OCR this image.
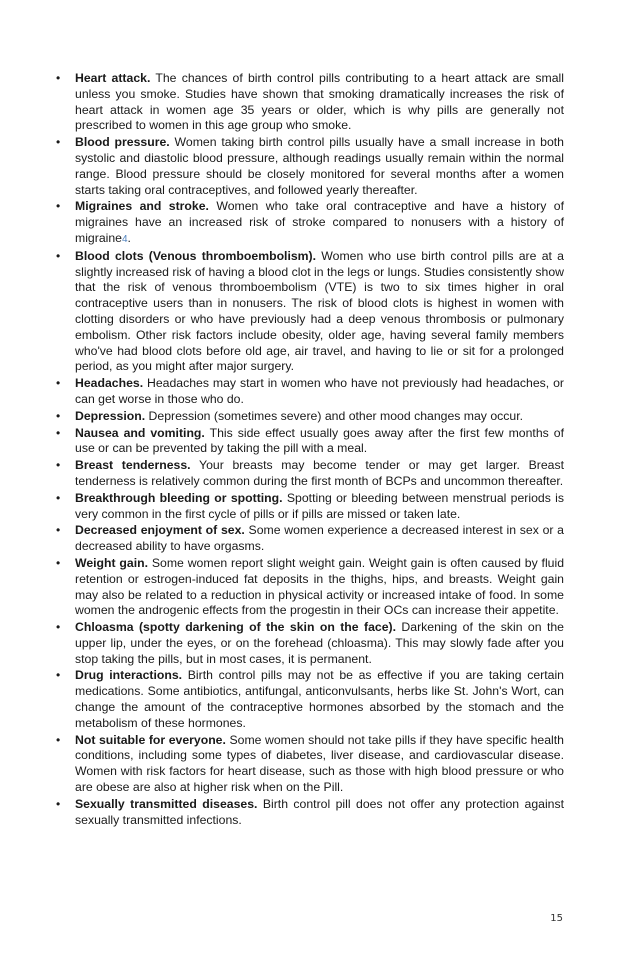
• Heart attack. The chances of birth control pills contributing to a heart attack are small unless you smoke. Studies have shown that smoking dramatically increases the risk of heart attack in women age 35 years or older, which is why pills are generally not prescribed to women in this age group who smoke.
• Blood pressure. Women taking birth control pills usually have a small increase in both systolic and diastolic blood pressure, although readings usually remain within the normal range. Blood pressure should be closely monitored for several months after a women starts taking oral contraceptives, and followed yearly thereafter.
• Migraines and stroke. Women who take oral contraceptive and have a history of migraines have an increased risk of stroke compared to nonusers with a history of migraine4.
• Blood clots (Venous thromboembolism). Women who use birth control pills are at a slightly increased risk of having a blood clot in the legs or lungs. Studies consistently show that the risk of venous thromboembolism (VTE) is two to six times higher in oral contraceptive users than in nonusers. The risk of blood clots is highest in women with clotting disorders or who have previously had a deep venous thrombosis or pulmonary embolism. Other risk factors include obesity, older age, having several family members who've had blood clots before old age, air travel, and having to lie or sit for a prolonged period, as you might after major surgery.
• Headaches. Headaches may start in women who have not previously had headaches, or can get worse in those who do.
• Depression. Depression (sometimes severe) and other mood changes may occur.
• Nausea and vomiting. This side effect usually goes away after the first few months of use or can be prevented by taking the pill with a meal.
• Breast tenderness. Your breasts may become tender or may get larger. Breast tenderness is relatively common during the first month of BCPs and uncommon thereafter.
• Breakthrough bleeding or spotting. Spotting or bleeding between menstrual periods is very common in the first cycle of pills or if pills are missed or taken late.
• Decreased enjoyment of sex. Some women experience a decreased interest in sex or a decreased ability to have orgasms.
• Weight gain. Some women report slight weight gain. Weight gain is often caused by fluid retention or estrogen-induced fat deposits in the thighs, hips, and breasts. Weight gain may also be related to a reduction in physical activity or increased intake of food. In some women the androgenic effects from the progestin in their OCs can increase their appetite.
• Chloasma (spotty darkening of the skin on the face). Darkening of the skin on the upper lip, under the eyes, or on the forehead (chloasma). This may slowly fade after you stop taking the pills, but in most cases, it is permanent.
• Drug interactions. Birth control pills may not be as effective if you are taking certain medications. Some antibiotics, antifungal, anticonvulsants, herbs like St. John's Wort, can change the amount of the contraceptive hormones absorbed by the stomach and the metabolism of these hormones.
• Not suitable for everyone. Some women should not take pills if they have specific health conditions, including some types of diabetes, liver disease, and cardiovascular disease. Women with risk factors for heart disease, such as those with high blood pressure or who are obese are also at higher risk when on the Pill.
• Sexually transmitted diseases. Birth control pill does not offer any protection against sexually transmitted infections.
15
